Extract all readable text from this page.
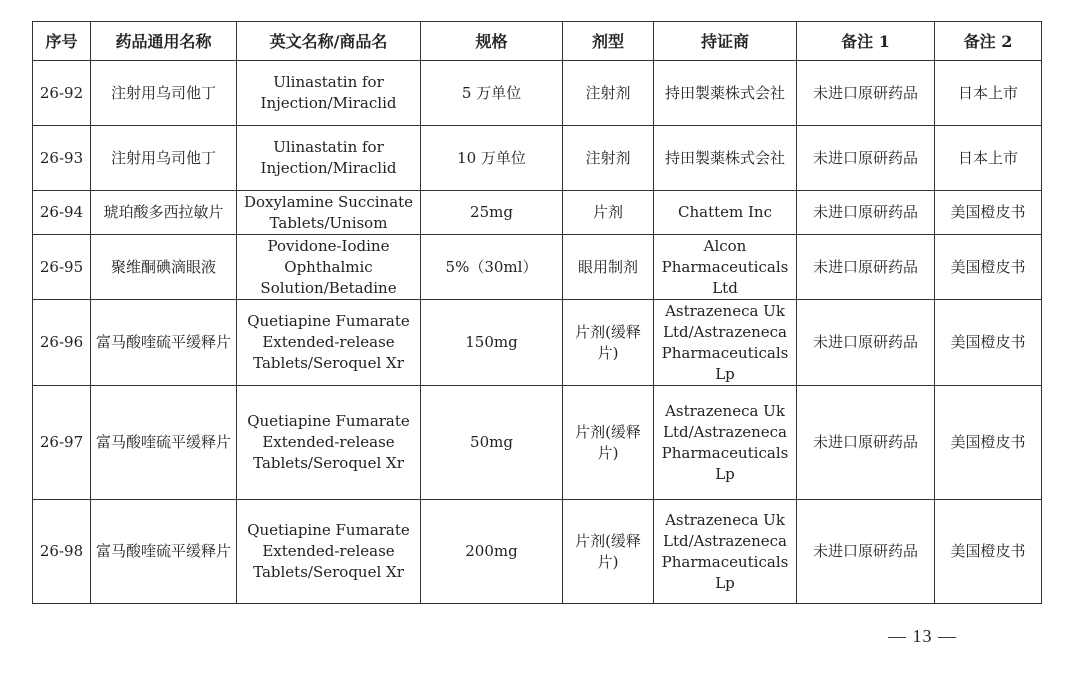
序号	药品通用名称	英文名称/商品名	规格	剂型	持证商	备注 1	备注 2
26-92	注射用乌司他丁	Ulinastatin for Injection/Miraclid	5 万单位	注射剂	持田製薬株式会社	未进口原研药品	日本上市
26-93	注射用乌司他丁	Ulinastatin for Injection/Miraclid	10 万单位	注射剂	持田製薬株式会社	未进口原研药品	日本上市
26-94	琥珀酸多西拉敏片	Doxylamine Succinate Tablets/Unisom	25mg	片剂	Chattem Inc	未进口原研药品	美国橙皮书
26-95	聚维酮碘滴眼液	Povidone-Iodine Ophthalmic Solution/Betadine	5%（30ml）	眼用制剂	Alcon Pharmaceuticals Ltd	未进口原研药品	美国橙皮书
26-96	富马酸喹硫平缓释片	Quetiapine Fumarate Extended-release Tablets/Seroquel Xr	150mg	片剂(缓释片)	Astrazeneca Uk Ltd/Astrazeneca Pharmaceuticals Lp	未进口原研药品	美国橙皮书
26-97	富马酸喹硫平缓释片	Quetiapine Fumarate Extended-release Tablets/Seroquel Xr	50mg	片剂(缓释片)	Astrazeneca Uk Ltd/Astrazeneca Pharmaceuticals Lp	未进口原研药品	美国橙皮书
26-98	富马酸喹硫平缓释片	Quetiapine Fumarate Extended-release Tablets/Seroquel Xr	200mg	片剂(缓释片)	Astrazeneca Uk Ltd/Astrazeneca Pharmaceuticals Lp	未进口原研药品	美国橙皮书
— 13 —
